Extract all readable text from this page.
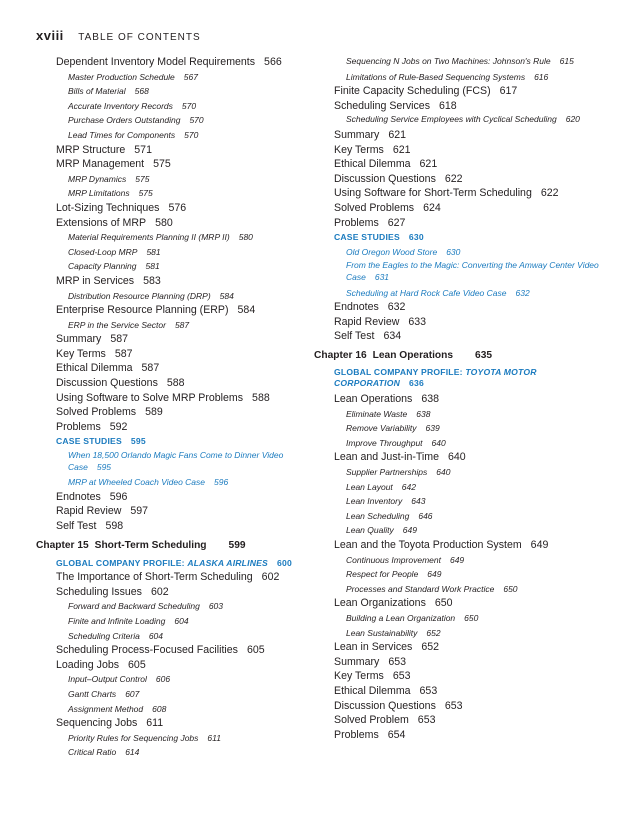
xviii TABLE OF CONTENTS
Dependent Inventory Model Requirements 566
Master Production Schedule 567
Bills of Material 568
Accurate Inventory Records 570
Purchase Orders Outstanding 570
Lead Times for Components 570
MRP Structure 571
MRP Management 575
MRP Dynamics 575
MRP Limitations 575
Lot-Sizing Techniques 576
Extensions of MRP 580
Material Requirements Planning II (MRP II) 580
Closed-Loop MRP 581
Capacity Planning 581
MRP in Services 583
Distribution Resource Planning (DRP) 584
Enterprise Resource Planning (ERP) 584
ERP in the Service Sector 587
Summary 587
Key Terms 587
Ethical Dilemma 587
Discussion Questions 588
Using Software to Solve MRP Problems 588
Solved Problems 589
Problems 592
CASE STUDIES 595
When 18,500 Orlando Magic Fans Come to Dinner Video Case 595
MRP at Wheeled Coach Video Case 596
Endnotes 596
Rapid Review 597
Self Test 598
Chapter 15 Short-Term Scheduling 599
GLOBAL COMPANY PROFILE: ALASKA AIRLINES 600
The Importance of Short-Term Scheduling 602
Scheduling Issues 602
Forward and Backward Scheduling 603
Finite and Infinite Loading 604
Scheduling Criteria 604
Scheduling Process-Focused Facilities 605
Loading Jobs 605
Input–Output Control 606
Gantt Charts 607
Assignment Method 608
Sequencing Jobs 611
Priority Rules for Sequencing Jobs 611
Critical Ratio 614
Sequencing N Jobs on Two Machines: Johnson's Rule 615
Limitations of Rule-Based Sequencing Systems 616
Finite Capacity Scheduling (FCS) 617
Scheduling Services 618
Scheduling Service Employees with Cyclical Scheduling 620
Summary 621
Key Terms 621
Ethical Dilemma 621
Discussion Questions 622
Using Software for Short-Term Scheduling 622
Solved Problems 624
Problems 627
CASE STUDIES 630
Old Oregon Wood Store 630
From the Eagles to the Magic: Converting the Amway Center Video Case 631
Scheduling at Hard Rock Cafe Video Case 632
Endnotes 632
Rapid Review 633
Self Test 634
Chapter 16 Lean Operations 635
GLOBAL COMPANY PROFILE: TOYOTA MOTOR CORPORATION 636
Lean Operations 638
Eliminate Waste 638
Remove Variability 639
Improve Throughput 640
Lean and Just-in-Time 640
Supplier Partnerships 640
Lean Layout 642
Lean Inventory 643
Lean Scheduling 646
Lean Quality 649
Lean and the Toyota Production System 649
Continuous Improvement 649
Respect for People 649
Processes and Standard Work Practice 650
Lean Organizations 650
Building a Lean Organization 650
Lean Sustainability 652
Lean in Services 652
Summary 653
Key Terms 653
Ethical Dilemma 653
Discussion Questions 653
Solved Problem 653
Problems 654
